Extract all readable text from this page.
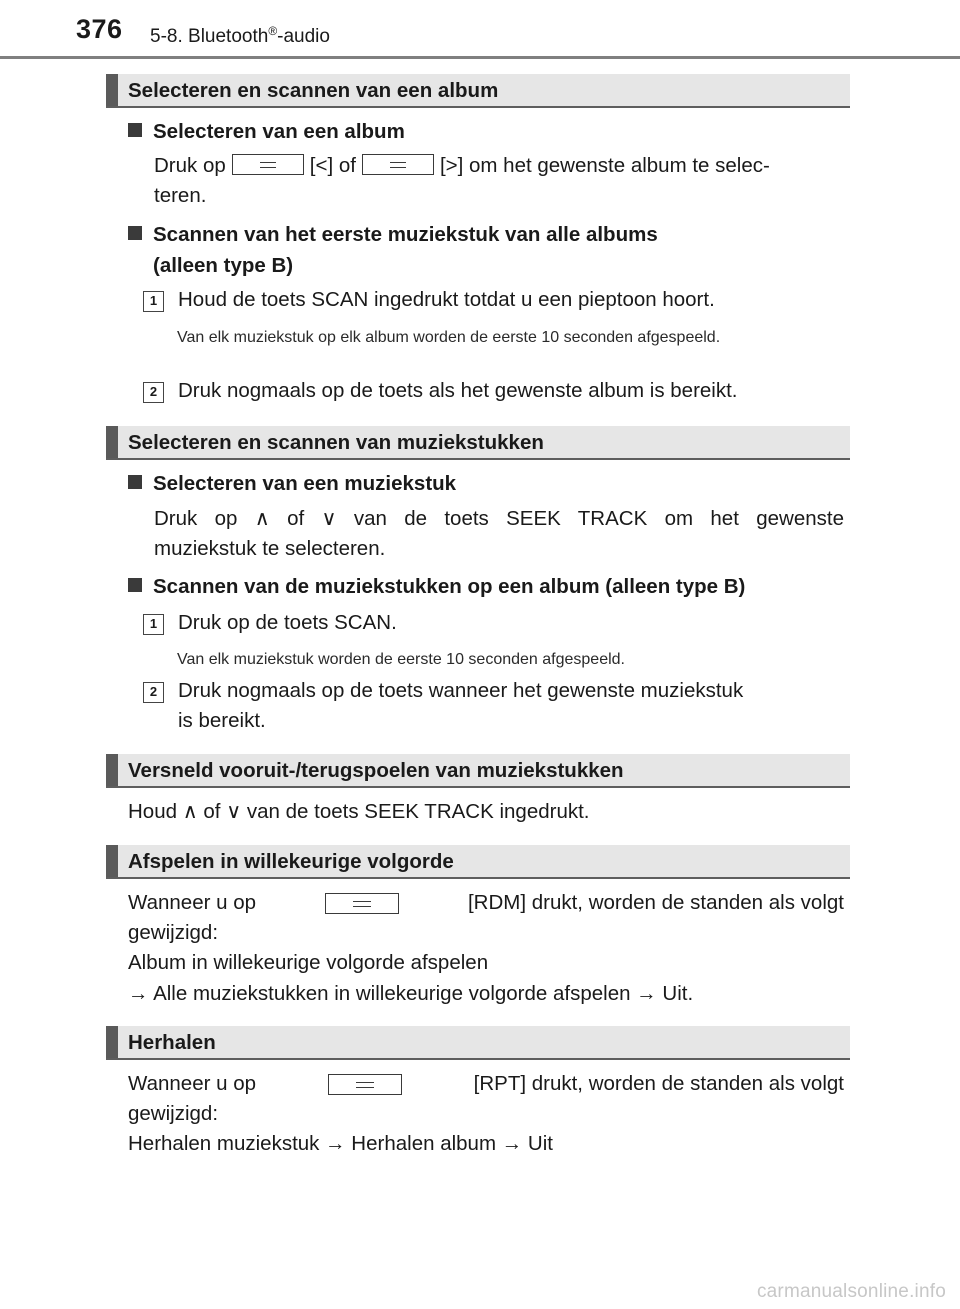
376 5-8. Bluetooth®-audio
Selecteren en scannen van een album
Selecteren van een album
Druk op	[<] of	[>] om het gewenste album te selec-
teren.
Scannen van het eerste muziekstuk van alle albums
(alleen type B)
1	Houd de toets SCAN ingedrukt totdat u een pieptoon hoort.
Van elk muziekstuk op elk album worden de eerste 10 seconden afgespeeld.
2	Druk nogmaals op de toets als het gewenste album is bereikt.
Selecteren en scannen van muziekstukken
Selecteren van een muziekstuk
Druk op ∧ of ∨ van de toets SEEK TRACK om het gewenste
muziekstuk te selecteren.
Scannen van de muziekstukken op een album (alleen type B)
1	Druk op de toets SCAN.
Van elk muziekstuk worden de eerste 10 seconden afgespeeld.
2	Druk nogmaals op de toets wanneer het gewenste muziekstuk
is bereikt.
Versneld vooruit-/terugspoelen van muziekstukken
Houd ∧ of ∨ van de toets SEEK TRACK ingedrukt.
Afspelen in willekeurige volgorde
Wanneer u op	[RDM] drukt, worden de standen als volgt
gewijzigd:
Album in willekeurige volgorde afspelen
→ Alle muziekstukken in willekeurige volgorde afspelen → Uit.
Herhalen
Wanneer u op	[RPT] drukt, worden de standen als volgt
gewijzigd:
Herhalen muziekstuk → Herhalen album → Uit
carmanualsonline.info
